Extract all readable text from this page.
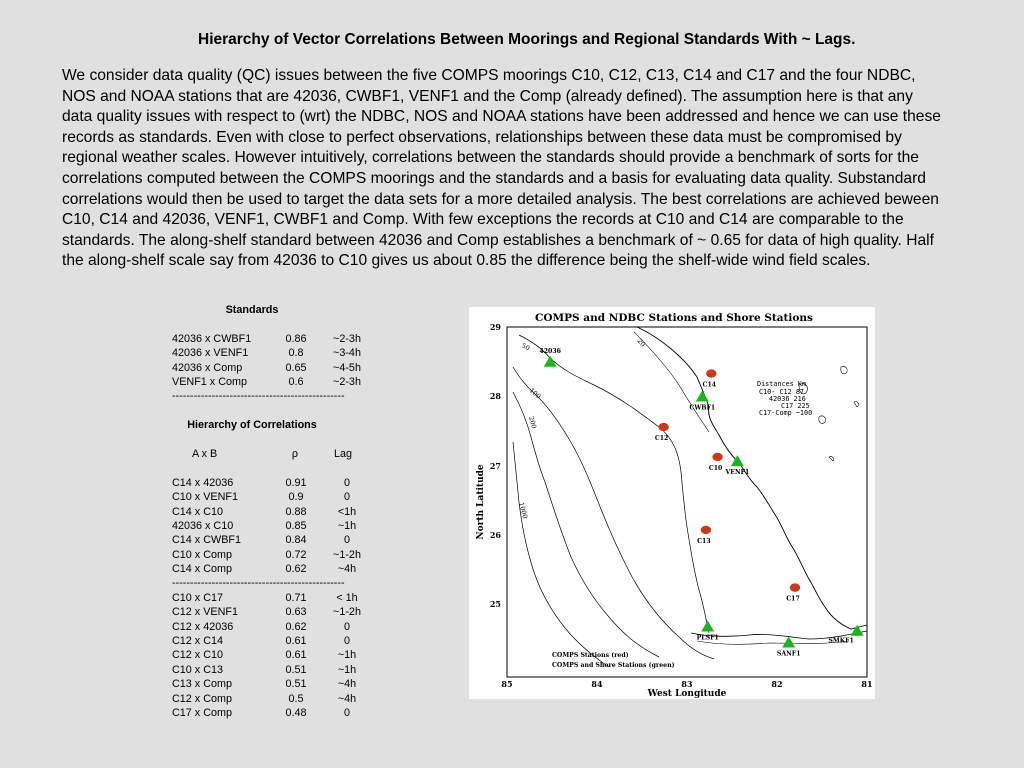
Hierarchy of Vector Correlations Between Moorings and Regional Standards With ~ Lags.

We consider data quality (QC) issues between the five COMPS moorings C10, C12, C13, C14 and C17 and the four NDBC, NOS and NOAA stations that are 42036, CWBF1, VENF1 and the Comp (already defined). The assumption here is that any data quality issues with respect to (wrt) the NDBC, NOS and NOAA stations have been addressed and hence we can use these records as standards. Even with close to perfect observations, relationships between these data must be compromised by regional weather scales. However intuitively, correlations between the standards should provide a benchmark of sorts for the correlations computed between the COMPS moorings and the standards and a basis for evaluating data quality. Substandard correlations would then be used to target the data sets for a more detailed analysis. The best correlations are achieved beween C10, C14 and 42036, VENF1, CWBF1 and Comp. With few exceptions the records at C10 and C14 are comparable to the standards. The along-shelf standard between 42036 and Comp establishes a benchmark of ~ 0.65 for data of high quality. Half the along-shelf scale say from 42036 to C10 gives us about 0.85 the difference being the shelf-wide wind field scales.

Standards
42036 x CWBF1	0.86	~2-3h
42036 x VENF1	0.8	~3-4h
42036 x Comp	0.65	~4-5h
VENF1 x Comp	0.6	~2-3h
------------------------------------------------
Hierarchy of Correlations
A x B	ρ	Lag
C14 x 42036	0.91	0
C10 x VENF1	0.9	0
C14 x C10	0.88	<1h
42036 x C10	0.85	~1h
C14 x CWBF1	0.84	0
C10 x Comp	0.72	~1-2h
C14 x Comp	0.62	~4h
------------------------------------------------
C10 x C17	0.71	< 1h
C12 x VENF1	0.63	~1-2h
C12 x 42036	0.62	0
C12 x C14	0.61	0
C12 x C10	0.61	~1h
C10 x C13	0.51	~1h
C13 x Comp	0.51	~4h
C12 x Comp	0.5	~4h
C17 x Comp	0.48	0
COMPS and NDBC Stations and Shore Stations
50	20
100
200
1000
29
28
27
26
25
85	84	83	82	81
West Longitude
North Latitude
Distances Km
C10- C12 87
42036 216
C17 225
C17-Comp ~100
COMPS Stations (red)
COMPS and Shore Stations (green)
C14
C12
C10
C13
C17
42036
CWBF1
VENF1
PLSF1
SANF1
SMKF1
